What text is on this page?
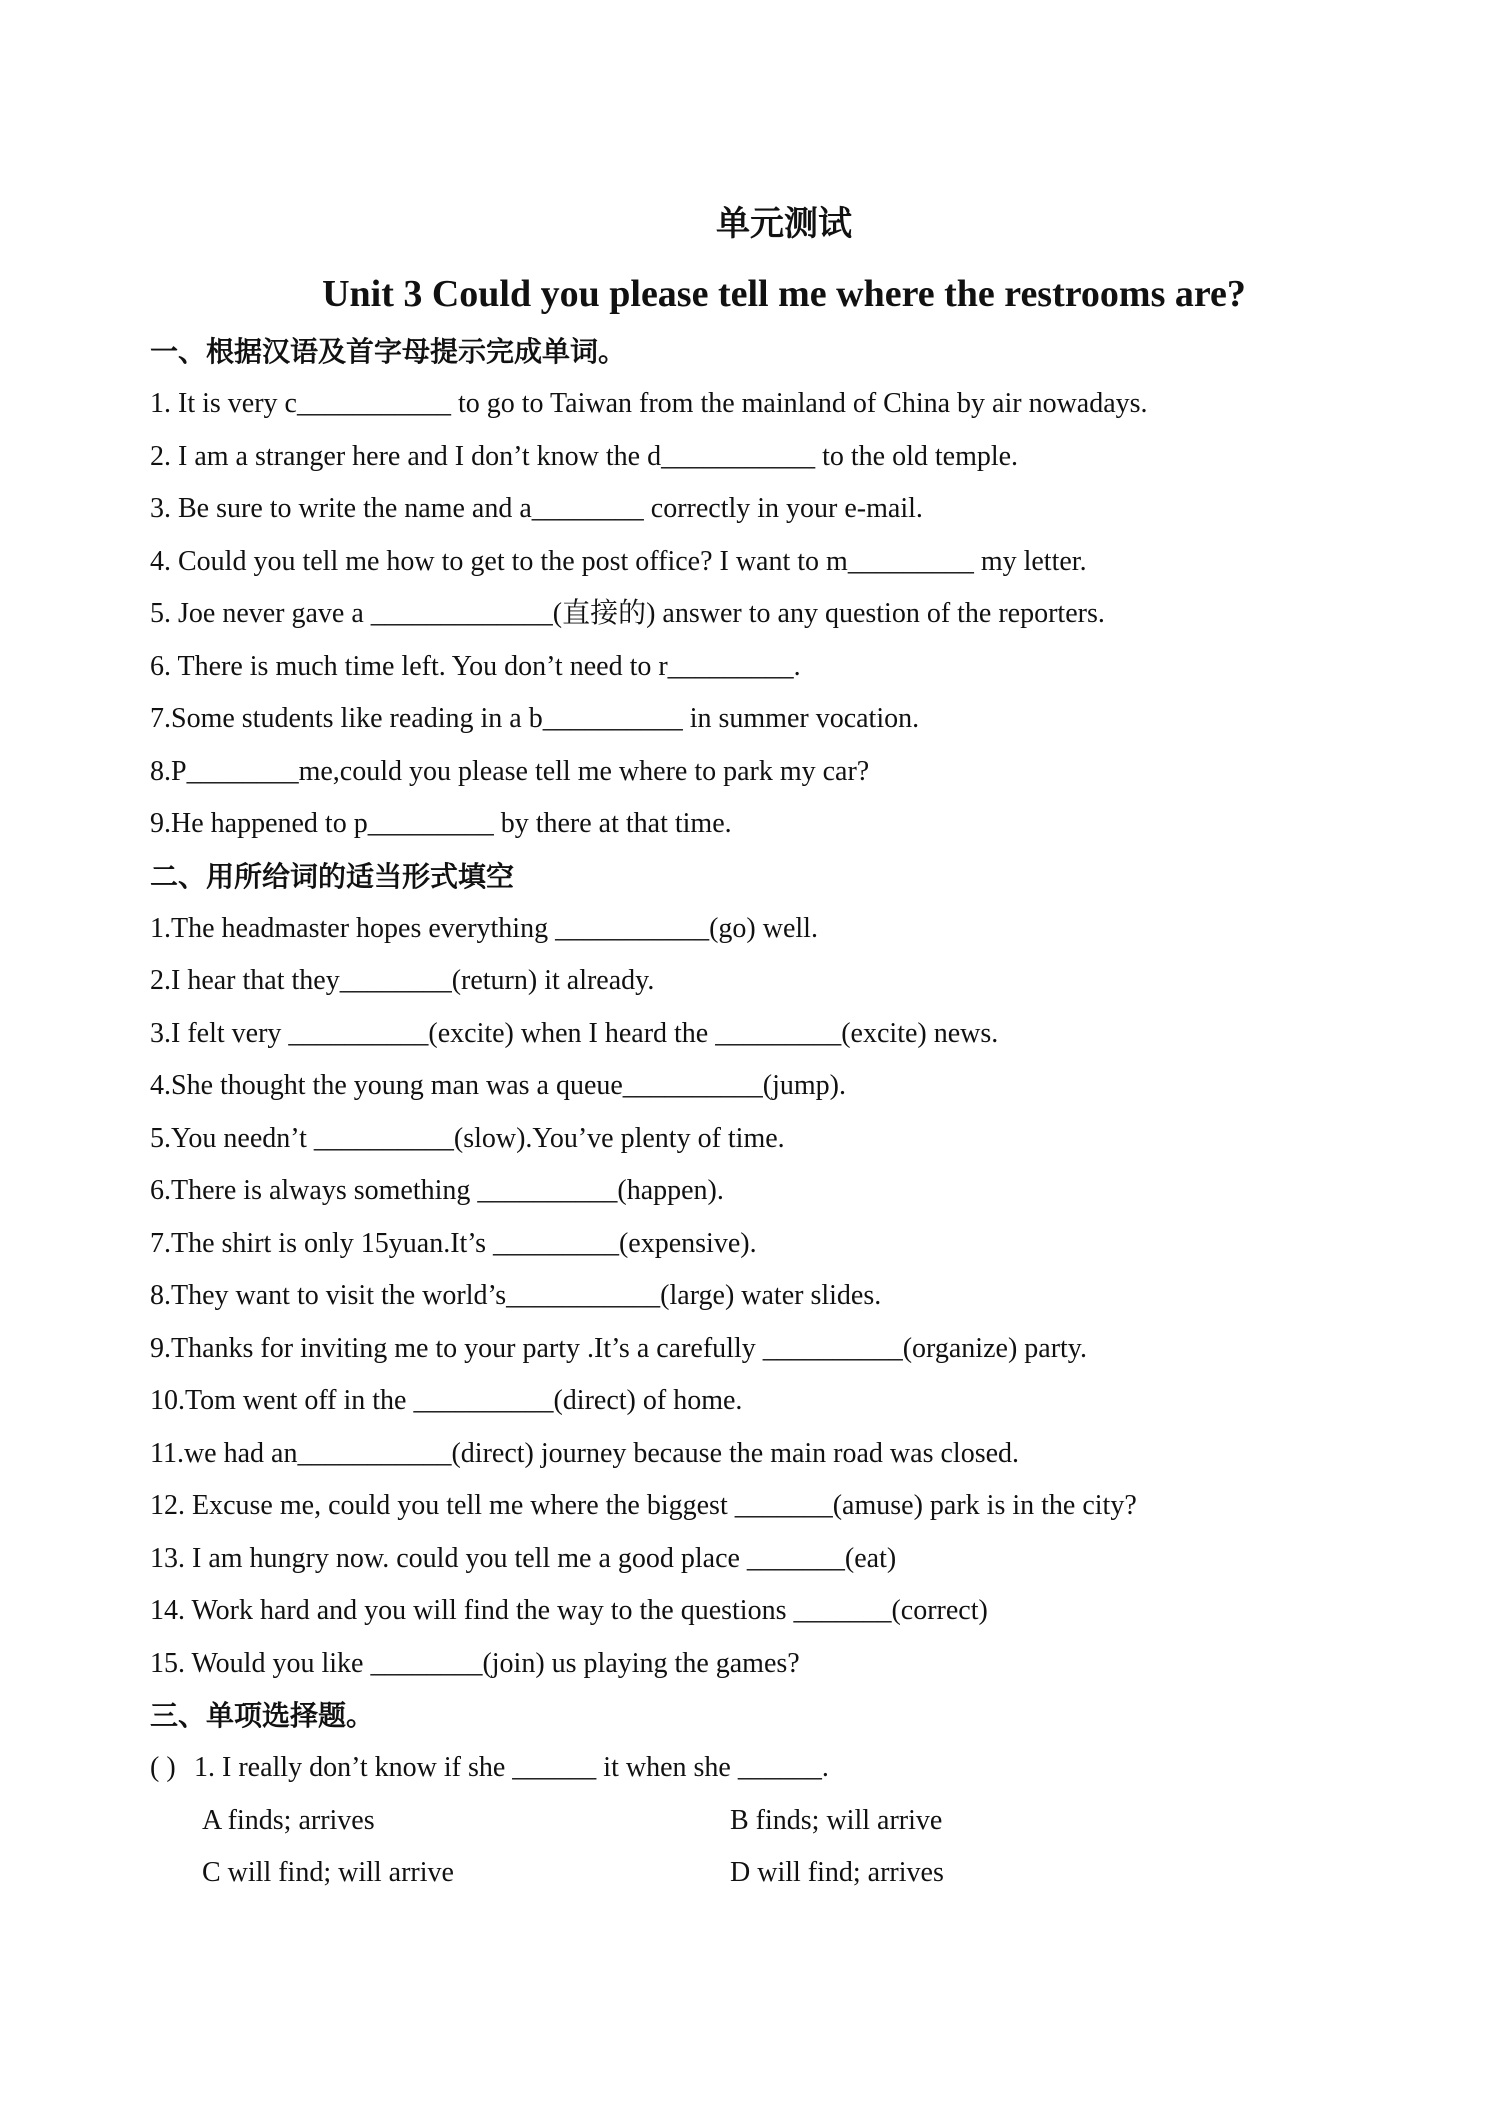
单元测试
Unit 3 Could you please tell me where the restrooms are?
一、根据汉语及首字母提示完成单词。
1. It is very c___________ to go to Taiwan from the mainland of China by air nowadays.
2. I am a stranger here and I don’t know the d___________ to the old temple.
3. Be sure to write the name and a________ correctly in your e-mail.
4. Could you tell me how to get to the post office? I want to m_________ my letter.
5. Joe never gave a _____________(直接的) answer to any question of the reporters.
6. There is much time left. You don’t need to r_________.
7.Some students like reading in a b__________ in summer vocation.
8.P________me,could you please tell me where to park my car?
9.He happened to p_________ by there at that time.
二、用所给词的适当形式填空
1.The headmaster hopes everything ___________(go) well.
2.I hear that they________(return) it already.
3.I felt very __________(excite) when I heard the _________(excite) news.
4.She thought the young man was a queue__________(jump).
5.You needn’t __________(slow).You’ve plenty of time.
6.There is always something __________(happen).
7.The shirt is only 15yuan.It’s _________(expensive).
8.They want to visit the world’s___________(large) water slides.
9.Thanks for inviting me to your party .It’s a carefully __________(organize) party.
10.Tom went off in the __________(direct) of home.
11.we had an___________(direct) journey because the main road was closed.
12. Excuse me, could you tell me where the biggest _______(amuse) park is in the city?
13. I am hungry now. could you tell me a good place _______(eat)
14. Work hard and you will find the way to the questions _______(correct)
15. Would you like ________(join) us playing the games?
三、单项选择题。
( ) 1. I really don’t know if she ______ it when she ______.
A finds; arrives	B finds; will arrive
C will find; will arrive	D will find; arrives
